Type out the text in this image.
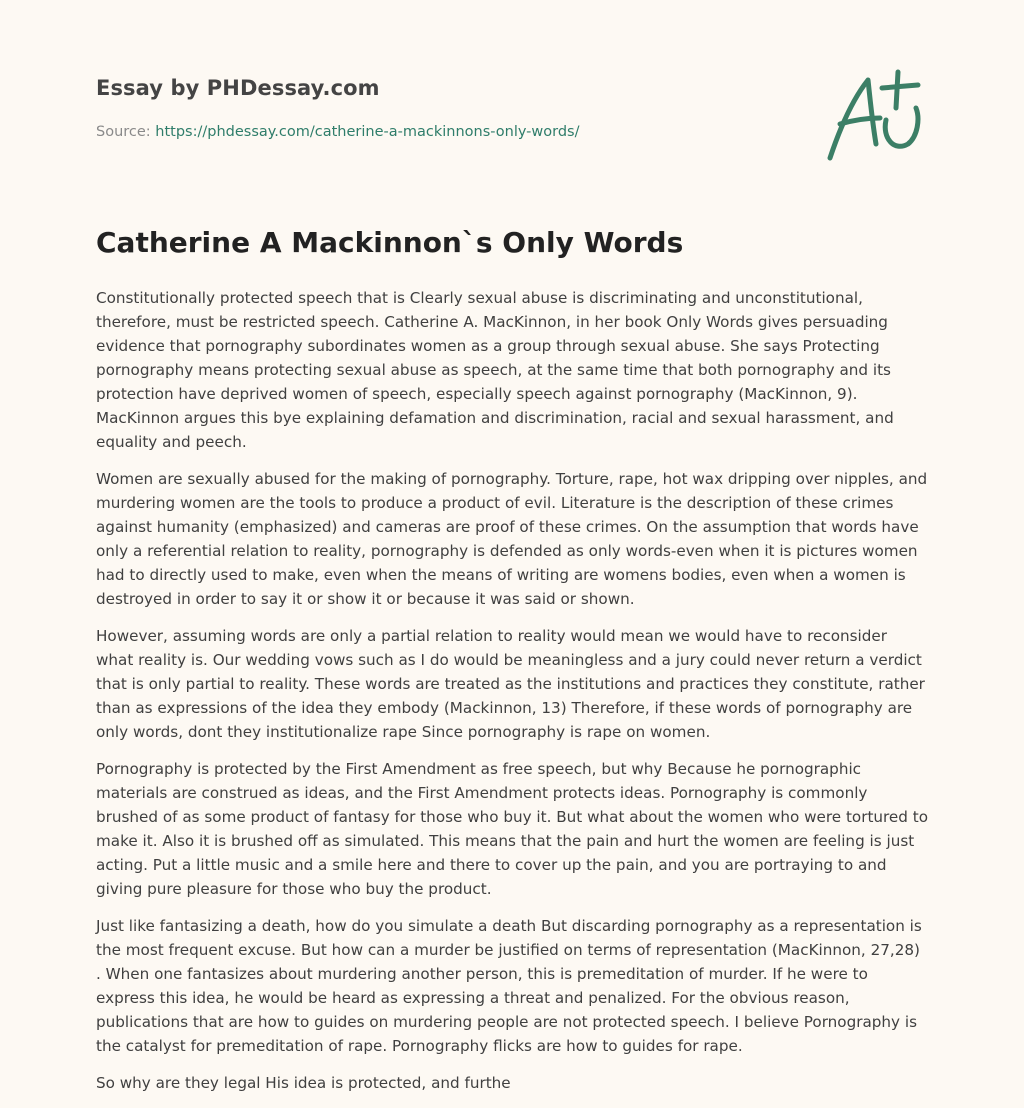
Essay by PHDessay.com

Source: https://phdessay.com/catherine-a-mackinnons-only-words/

Catherine A Mackinnon`s Only Words

Constitutionally protected speech that is Clearly sexual abuse is discriminating and unconstitutional, therefore, must be restricted speech. Catherine A. MacKinnon, in her book Only Words gives persuading evidence that pornography subordinates women as a group through sexual abuse. She says Protecting pornography means protecting sexual abuse as speech, at the same time that both pornography and its protection have deprived women of speech, especially speech against pornography (MacKinnon, 9). MacKinnon argues this bye explaining defamation and discrimination, racial and sexual harassment, and equality and peech.

Women are sexually abused for the making of pornography. Torture, rape, hot wax dripping over nipples, and murdering women are the tools to produce a product of evil. Literature is the description of these crimes against humanity (emphasized) and cameras are proof of these crimes. On the assumption that words have only a referential relation to reality, pornography is defended as only words-even when it is pictures women had to directly used to make, even when the means of writing are womens bodies, even when a women is destroyed in order to say it or show it or because it was said or shown.

However, assuming words are only a partial relation to reality would mean we would have to reconsider what reality is. Our wedding vows such as I do would be meaningless and a jury could never return a verdict that is only partial to reality. These words are treated as the institutions and practices they constitute, rather than as expressions of the idea they embody (Mackinnon, 13) Therefore, if these words of pornography are only words, dont they institutionalize rape Since pornography is rape on women.

Pornography is protected by the First Amendment as free speech, but why Because he pornographic materials are construed as ideas, and the First Amendment protects ideas. Pornography is commonly brushed of as some product of fantasy for those who buy it. But what about the women who were tortured to make it. Also it is brushed off as simulated. This means that the pain and hurt the women are feeling is just acting. Put a little music and a smile here and there to cover up the pain, and you are portraying to and giving pure pleasure for those who buy the product.

Just like fantasizing a death, how do you simulate a death But discarding pornography as a representation is the most frequent excuse. But how can a murder be justified on terms of representation (MacKinnon, 27,28) . When one fantasizes about murdering another person, this is premeditation of murder. If he were to express this idea, he would be heard as expressing a threat and penalized. For the obvious reason, publications that are how to guides on murdering people are not protected speech. I believe Pornography is the catalyst for premeditation of rape. Pornography flicks are how to guides for rape.

So why are they legal His idea is protected, and furthe
